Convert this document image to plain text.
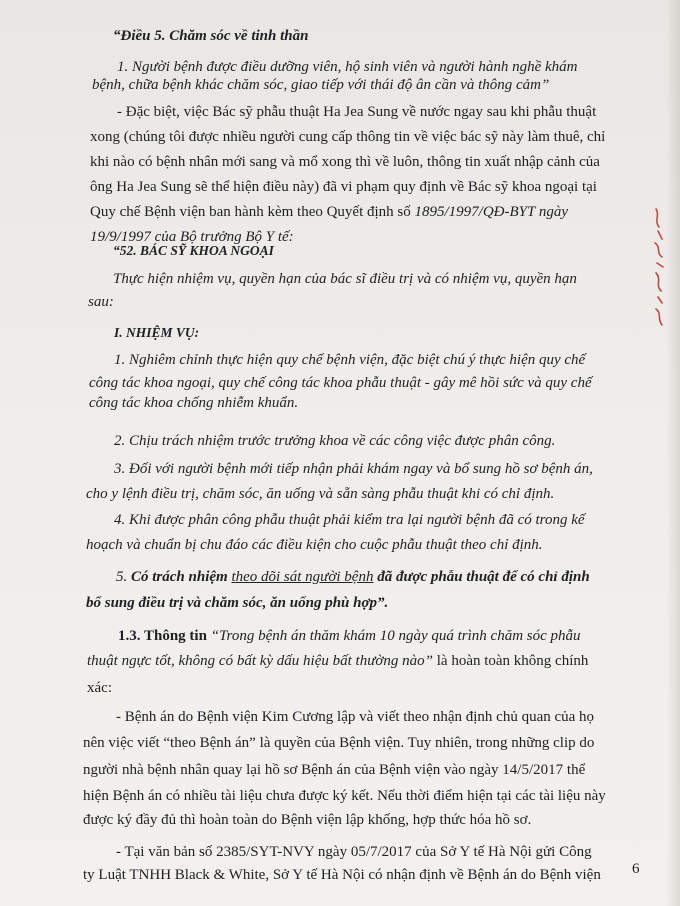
“Điều 5. Chăm sóc về tinh thần
1. Người bệnh được điều dưỡng viên, hộ sinh viên và người hành nghề khám
bệnh, chữa bệnh khác chăm sóc, giao tiếp với thái độ ân cần và thông cảm”
- Đặc biệt, việc Bác sỹ phẫu thuật Ha Jea Sung về nước ngay sau khi phẫu thuật
xong (chúng tôi được nhiều người cung cấp thông tin về việc bác sỹ này làm thuê, chỉ
khi nào có bệnh nhân mới sang và mổ xong thì về luôn, thông tin xuất nhập cảnh của
ông Ha Jea Sung sẽ thể hiện điều này) đã vi phạm quy định về Bác sỹ khoa ngoại tại
Quy chế Bệnh viện ban hành kèm theo Quyết định số 1895/1997/QĐ-BYT ngày
19/9/1997 của Bộ trưởng Bộ Y tế:
“52. BÁC SỸ KHOA NGOẠI
Thực hiện nhiệm vụ, quyền hạn của bác sĩ điều trị và có nhiệm vụ, quyền hạn
sau:
I. NHIỆM VỤ:
1. Nghiêm chỉnh thực hiện quy chế bệnh viện, đặc biệt chú ý thực hiện quy chế
công tác khoa ngoại, quy chế công tác khoa phẫu thuật - gây mê hồi sức và quy chế
công tác khoa chống nhiễm khuẩn.
2. Chịu trách nhiệm trước trưởng khoa về các công việc được phân công.
3. Đối với người bệnh mới tiếp nhận phải khám ngay và bổ sung hồ sơ bệnh án,
cho y lệnh điều trị, chăm sóc, ăn uống và sẵn sàng phẫu thuật khi có chỉ định.
4. Khi được phân công phẫu thuật phải kiểm tra lại người bệnh đã có trong kế
hoạch và chuẩn bị chu đáo các điều kiện cho cuộc phẫu thuật theo chỉ định.
5. Có trách nhiệm theo dõi sát người bệnh đã được phẫu thuật để có chỉ định
bổ sung điều trị và chăm sóc, ăn uống phù hợp”.
1.3. Thông tin “Trong bệnh án thăm khám 10 ngày quá trình chăm sóc phẫu
thuật ngực tốt, không có bất kỳ dấu hiệu bất thường nào” là hoàn toàn không chính
xác:
- Bệnh án do Bệnh viện Kim Cương lập và viết theo nhận định chủ quan của họ
nên việc viết “theo Bệnh án” là quyền của Bệnh viện. Tuy nhiên, trong những clip do
người nhà bệnh nhân quay lại hồ sơ Bệnh án của Bệnh viện vào ngày 14/5/2017 thể
hiện Bệnh án có nhiều tài liệu chưa được ký kết. Nếu thời điểm hiện tại các tài liệu này
được ký đầy đủ thì hoàn toàn do Bệnh viện lập khống, hợp thức hóa hồ sơ.
- Tại văn bản số 2385/SYT-NVY ngày 05/7/2017 của Sở Y tế Hà Nội gửi Công
ty Luật TNHH Black & White, Sở Y tế Hà Nội có nhận định về Bệnh án do Bệnh viện 6
